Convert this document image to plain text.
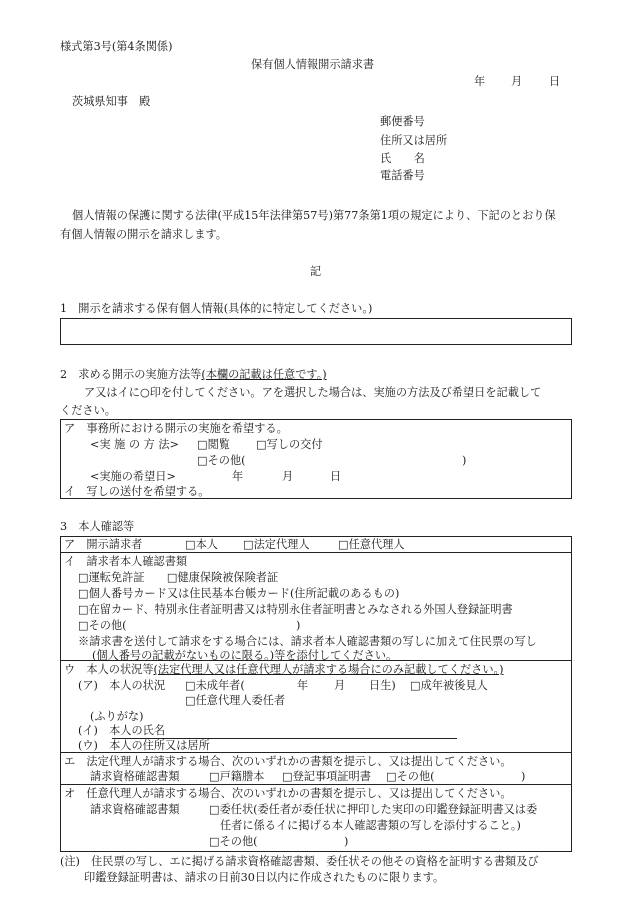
様式第3号(第4条関係)
保有個人情報開示請求書
年 月 日
茨城県知事　殿
郵便番号
住所又は居所
氏　　名
電話番号
個人情報の保護に関する法律(平成15年法律第57号)第77条第1項の規定により、下記のとおり保
有個人情報の開示を請求します。
記
1　開示を請求する保有個人情報(具体的に特定してください。)
2　求める開示の実施方法等(本欄の記載は任意です。)
ア又はイに○印を付してください。アを選択した場合は、実施の方法及び希望日を記載して
ください。
ア　事務所における開示の実施を希望する。
<実 施 の 方 法> □閲覧 □写しの交付
□その他(	)
<実施の希望日>	年	月	日
イ　写しの送付を希望する。
3　本人確認等
ア　開示請求者	□本人 □法定代理人	□任意代理人
イ　請求者本人確認書類
□運転免許証　　□健康保険被保険者証
□個人番号カード又は住民基本台帳カード(住所記載のあるもの)
□在留カード、特別永住者証明書又は特別永住者証明書とみなされる外国人登録証明書
□その他(	)
※請求書を送付して請求をする場合には、請求者本人確認書類の写しに加えて住民票の写し
(個人番号の記載がないものに限る。)等を添付してください。
ウ　本人の状況等(法定代理人又は任意代理人が請求する場合にのみ記載してください。)
(ア)　本人の状況 □未成年者(	年 月 日生) □成年被後見人
□任意代理人委任者
(ふりがな)
(イ)　本人の氏名
(ウ)　本人の住所又は居所
エ　法定代理人が請求する場合、次のいずれかの書類を提示し、又は提出してください。
請求資格確認書類	□戸籍謄本 □登記事項証明書 □その他(	)
オ　任意代理人が請求する場合、次のいずれかの書類を提示し、又は提出してください。
請求資格確認書類	□委任状(委任者が委任状に押印した実印の印鑑登録証明書又は委
任者に係るイに掲げる本人確認書類の写しを添付すること。)
□その他(	)
(注)　住民票の写し、エに掲げる請求資格確認書類、委任状その他その資格を証明する書類及び
印鑑登録証明書は、請求の日前30日以内に作成されたものに限ります。
